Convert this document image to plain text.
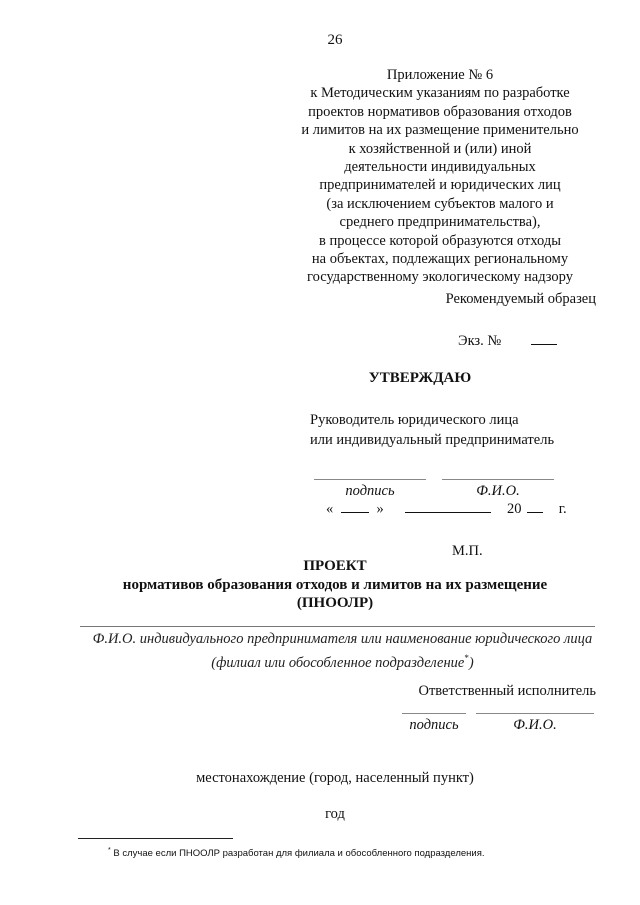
26
Приложение № 6
к Методическим указаниям по разработке
проектов нормативов образования отходов
и лимитов на их размещение применительно
к хозяйственной и (или) иной
деятельности индивидуальных
предпринимателей и юридических лиц
(за исключением субъектов малого и
среднего предпринимательства),
в процессе которой образуются отходы
на объектах, подлежащих региональному
государственному экологическому надзору
Рекомендуемый образец
Экз. №
УТВЕРЖДАЮ
Руководитель юридического лица
или индивидуальный предприниматель
подпись	Ф.И.О.
«	»	20	г.
М.П.
ПРОЕКТ
нормативов образования отходов и лимитов на их размещение
(ПНООЛР)
Ф.И.О. индивидуального предпринимателя или наименование юридического лица (филиал или обособленное подразделение*)
Ответственный исполнитель
подпись	Ф.И.О.
местонахождение (город, населенный пункт)
год
* В случае если ПНООЛР разработан для филиала и обособленного подразделения.
